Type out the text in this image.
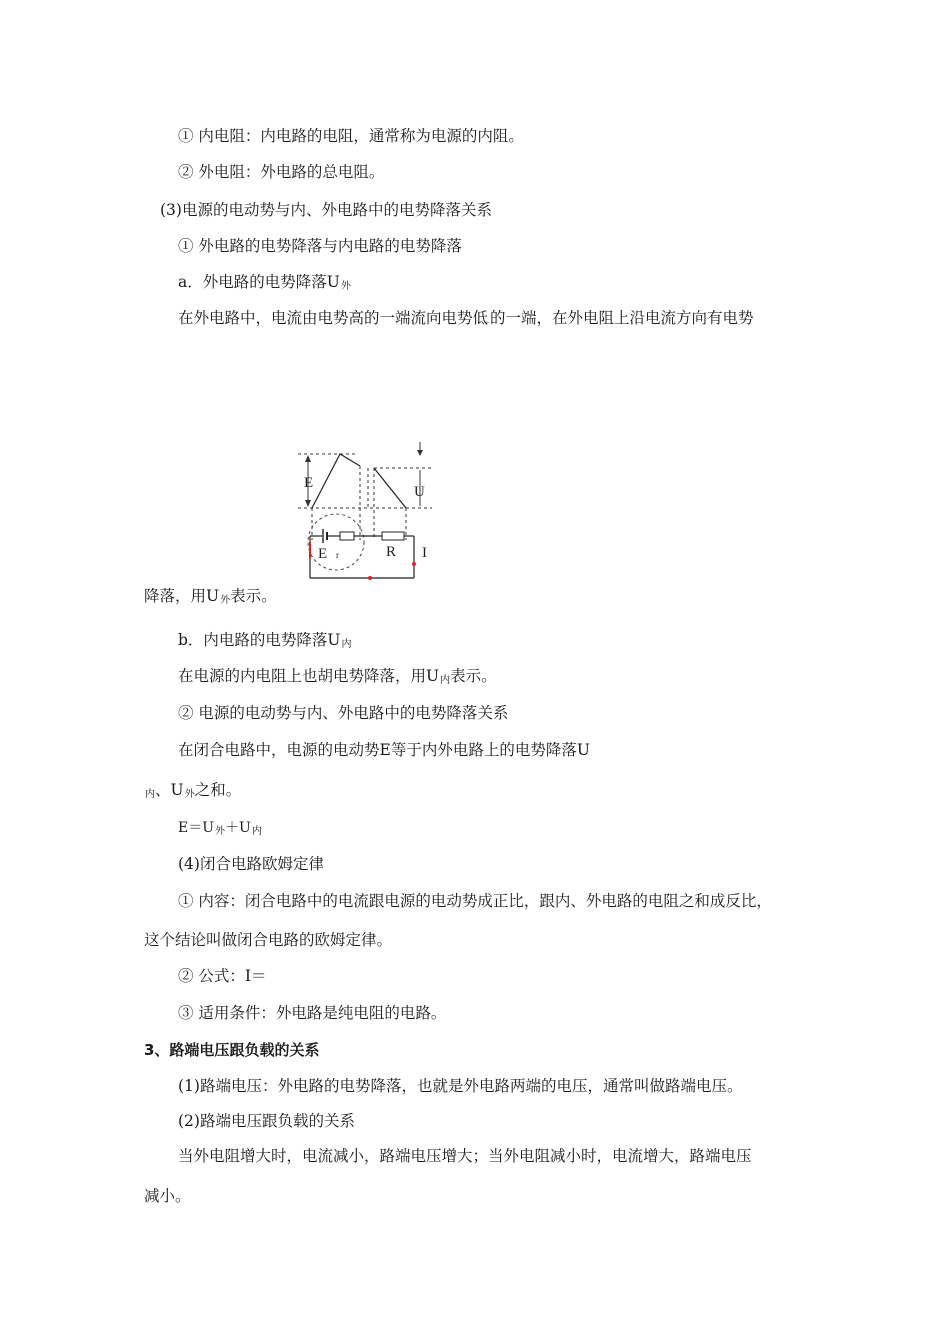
① 内电阻：内电路的电阻，通常称为电源的内阻。
② 外电阻：外电路的总电阻。
(3)电源的电动势与内、外电路中的电势降落关系
① 外电路的电势降落与内电路的电势降落
a．外电路的电势降落$U_外$
在外电路中，电流由电势高的一端流向电势低.的一端，在外电阻上沿电流方向有电势
E
U
E r	R I
降落，用$U_外$表示。
b．内电路的电势降落$U_内$
在电源的内电阻上也胡电势降落，用$U_内$表示。
② 电源的电动势与内、外电路中的电势降落关系
在闭合电路中，电源的电动势E等于内外电路上的电势降落U
$_内$、$U_外$之和。
$E=U_外+U_内$
(4)闭合电路欧姆定律
① 内容：闭合电路中的电流跟电源的电动势成正比，跟内、外电路的电阻之和成反比，
这个结论叫做闭合电路的欧姆定律。
② 公式：I＝
③ 适用条件：外电路是纯电阻的电路。
3、路端电压跟负载的关系
(1)路端电压：外电路的电势降落，也就是外电路两端的电压，通常叫做路端电压。
(2)路端电压跟负载的关系
当外电阻增大时，电流减小，路端电压增大；当外电阻减小时，电流增大，路端电压
减小。
